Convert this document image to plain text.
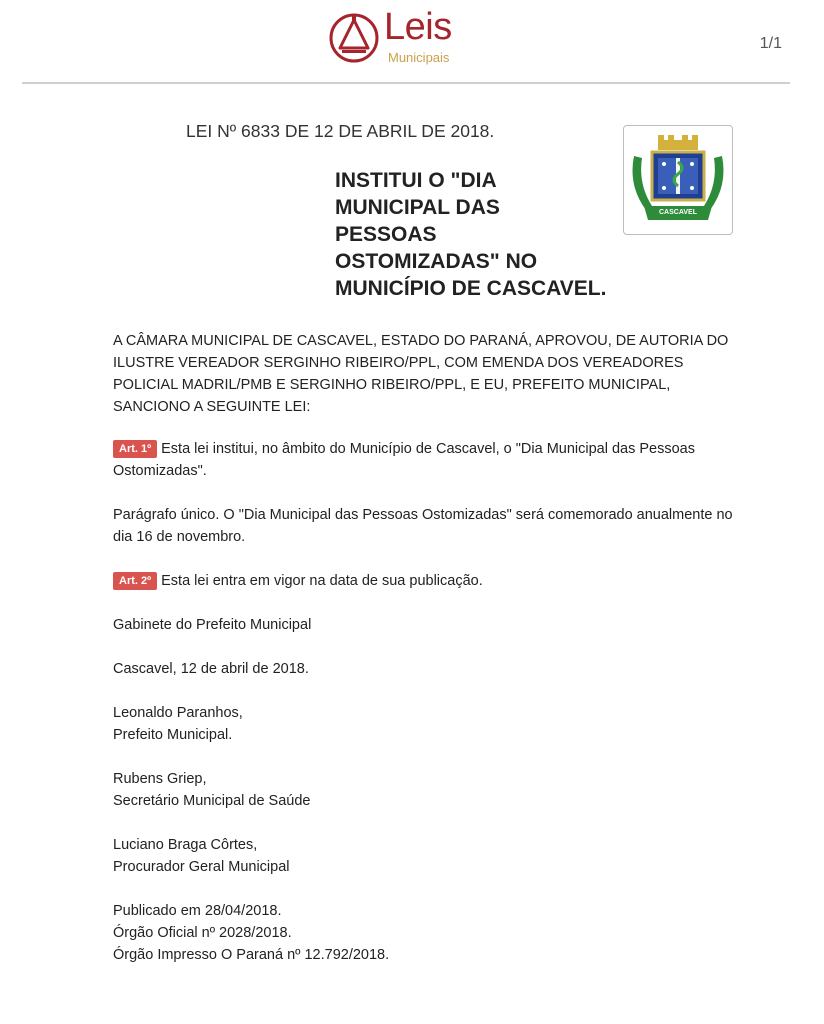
Leis
Municipais
1/1
LEI Nº 6833 DE 12 DE ABRIL DE 2018.
INSTITUI O "DIA
MUNICIPAL DAS
PESSOAS
OSTOMIZADAS" NO
MUNICÍPIO DE CASCAVEL.
CASCAVEL

A CÂMARA MUNICIPAL DE CASCAVEL, ESTADO DO PARANÁ, APROVOU, DE AUTORIA DO ILUSTRE VEREADOR SERGINHO RIBEIRO/PPL, COM EMENDA DOS VEREADORES POLICIAL MADRIL/PMB E SERGINHO RIBEIRO/PPL, E EU, PREFEITO MUNICIPAL, SANCIONO A SEGUINTE LEI:

Art. 1º Esta lei institui, no âmbito do Município de Cascavel, o "Dia Municipal das Pessoas Ostomizadas".

Parágrafo único. O "Dia Municipal das Pessoas Ostomizadas" será comemorado anualmente no dia 16 de novembro.

Art. 2º Esta lei entra em vigor na data de sua publicação.

Gabinete do Prefeito Municipal

Cascavel, 12 de abril de 2018.

Leonaldo Paranhos,
Prefeito Municipal.

Rubens Griep,
Secretário Municipal de Saúde

Luciano Braga Côrtes,
Procurador Geral Municipal

Publicado em 28/04/2018.
Órgão Oficial nº 2028/2018.
Órgão Impresso O Paraná nº 12.792/2018.
